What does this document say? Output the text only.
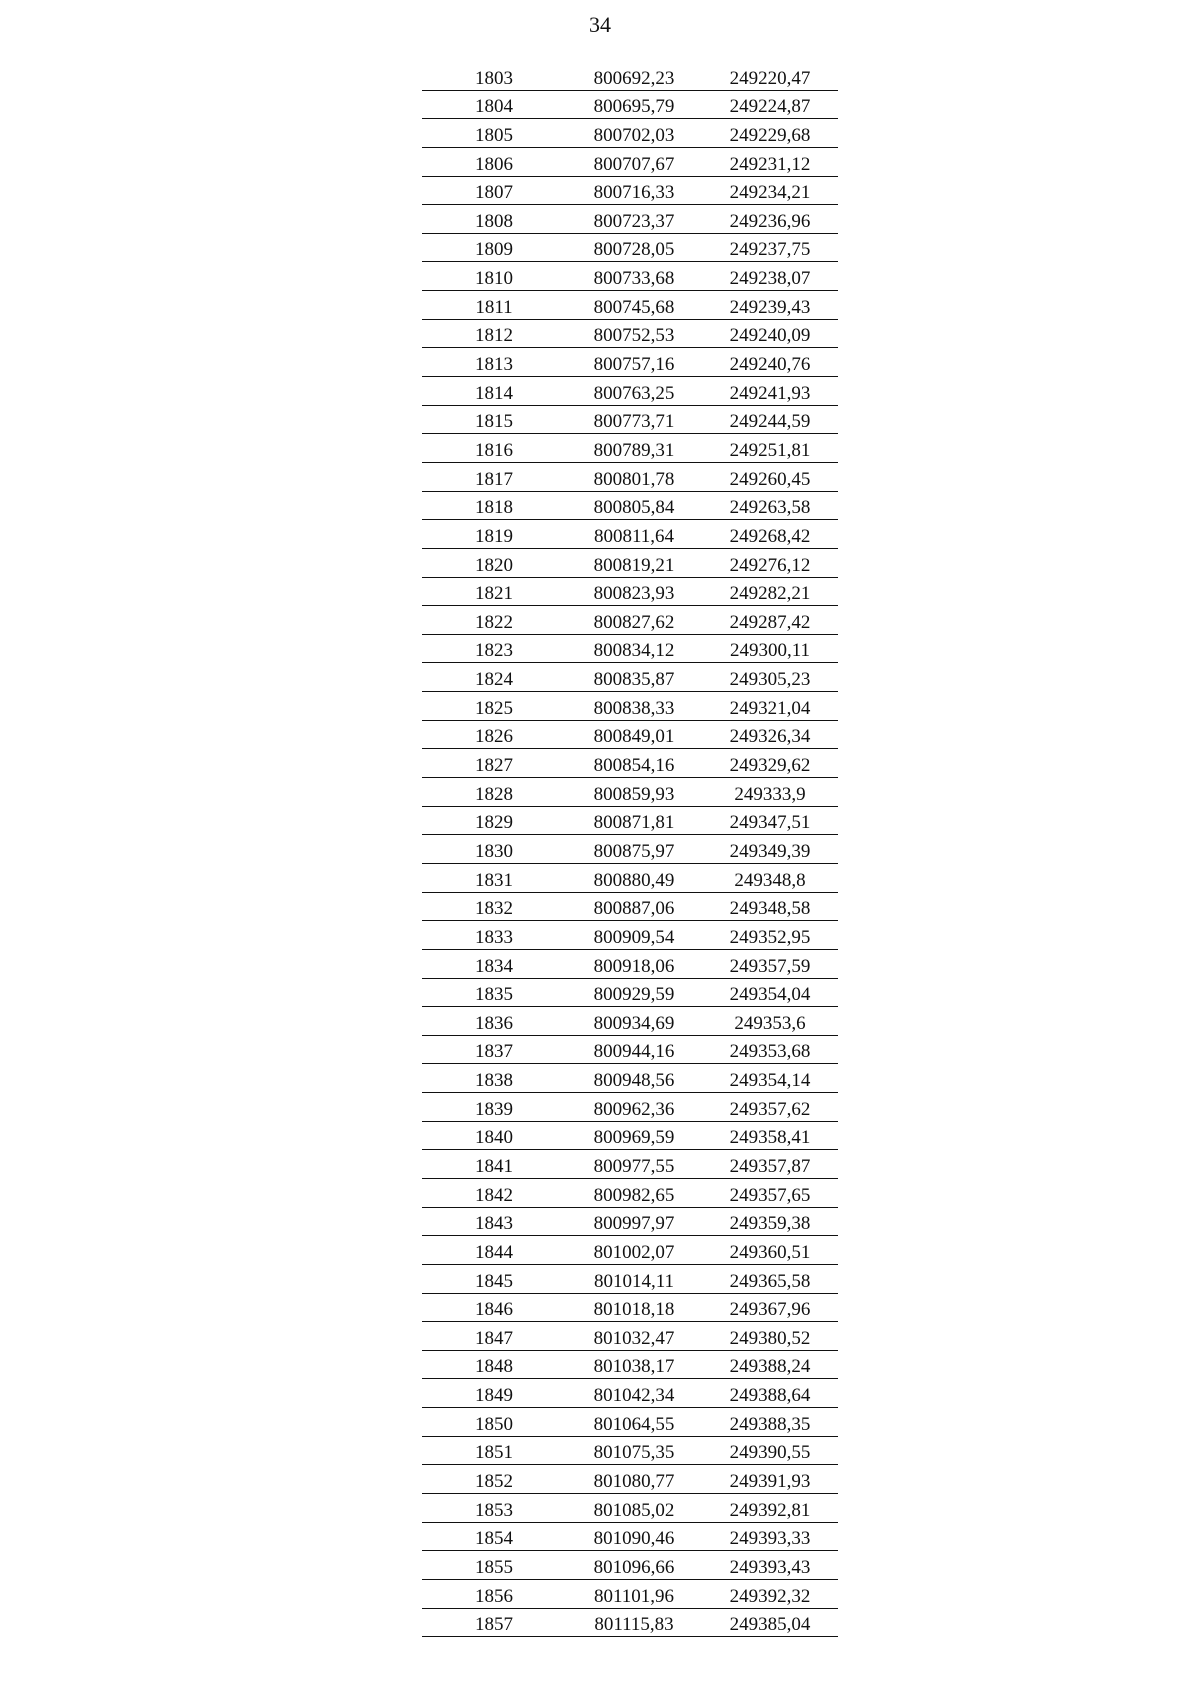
34
1803	800692,23	249220,47
1804	800695,79	249224,87
1805	800702,03	249229,68
1806	800707,67	249231,12
1807	800716,33	249234,21
1808	800723,37	249236,96
1809	800728,05	249237,75
1810	800733,68	249238,07
1811	800745,68	249239,43
1812	800752,53	249240,09
1813	800757,16	249240,76
1814	800763,25	249241,93
1815	800773,71	249244,59
1816	800789,31	249251,81
1817	800801,78	249260,45
1818	800805,84	249263,58
1819	800811,64	249268,42
1820	800819,21	249276,12
1821	800823,93	249282,21
1822	800827,62	249287,42
1823	800834,12	249300,11
1824	800835,87	249305,23
1825	800838,33	249321,04
1826	800849,01	249326,34
1827	800854,16	249329,62
1828	800859,93	249333,9
1829	800871,81	249347,51
1830	800875,97	249349,39
1831	800880,49	249348,8
1832	800887,06	249348,58
1833	800909,54	249352,95
1834	800918,06	249357,59
1835	800929,59	249354,04
1836	800934,69	249353,6
1837	800944,16	249353,68
1838	800948,56	249354,14
1839	800962,36	249357,62
1840	800969,59	249358,41
1841	800977,55	249357,87
1842	800982,65	249357,65
1843	800997,97	249359,38
1844	801002,07	249360,51
1845	801014,11	249365,58
1846	801018,18	249367,96
1847	801032,47	249380,52
1848	801038,17	249388,24
1849	801042,34	249388,64
1850	801064,55	249388,35
1851	801075,35	249390,55
1852	801080,77	249391,93
1853	801085,02	249392,81
1854	801090,46	249393,33
1855	801096,66	249393,43
1856	801101,96	249392,32
1857	801115,83	249385,04
